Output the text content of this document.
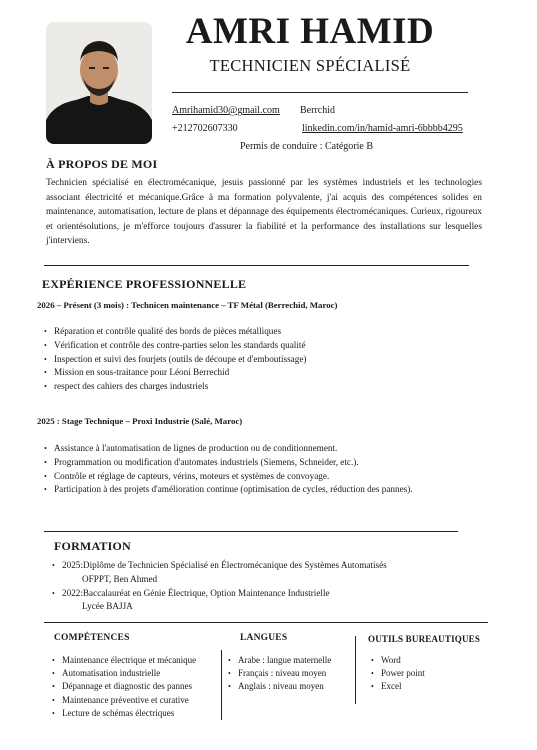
AMRI HAMID
TECHNICIEN SPÉCIALISÉ
Amrihamid30@gmail.com Berrchid
+212702607330	linkedin.com/in/hamid-amri-6bbbb4295
Permis de conduire : Catégorie B
À PROPOS DE MOI
Technicien spécialisé en électromécanique, jesuis passionné par les systèmes industriels et les technologies associant électricité et mécanique.Grâce à ma formation polyvalente, j'ai acquis des compétences solides en maintenance, automatisation, lecture de plans et dépannage des équipements électromécaniques. Curieux, rigoureux et orientésolutions, je m'efforce toujours d'assurer la fiabilité et la performance des installations sur lesquelles j'interviens.
EXPÉRIENCE PROFESSIONNELLE
2026 – Présent (3 mois) : Technicen maintenance – TF Métal (Berrechid, Maroc)
• Réparation et contrôle qualité des bords de pièces métalliques
• Vérification et contrôle des contre-parties selon les standards qualité
• Inspection et suivi des fourjets (outils de découpe et d'emboutissage)
• Mission en sous-traitance pour Léoni Berrechid
• respect des cahiers des charges industriels
2025 : Stage Technique – Proxi Industrie (Salé, Maroc)
• Assistance à l'automatisation de lignes de production ou de conditionnement.
• Programmation ou modification d'automates industriels (Siemens, Schneider, etc.).
• Contrôle et réglage de capteurs, vérins, moteurs et systèmes de convoyage.
• Participation à des projets d'amélioration continue (optimisation de cycles, réduction des pannes).
FORMATION
• 2025:Diplôme de Technicien Spécialisé en Électromécanique des Systèmes Automatisés
OFPPT, Ben Ahmed
• 2022:Baccalauréat en Génie Électrique, Option Maintenance Industrielle
Lycée BAJJA
COMPÉTENCES
• Maintenance électrique et mécanique
• Automatisation industrielle
• Dépannage et diagnostic des pannes
• Maintenance préventive et curative
• Lecture de schémas électriques
LANGUES
• Arabe : langue maternelle
• Français : niveau moyen
• Anglais : niveau moyen
OUTILS BUREAUTIQUES
• Word
• Power point
• Excel
